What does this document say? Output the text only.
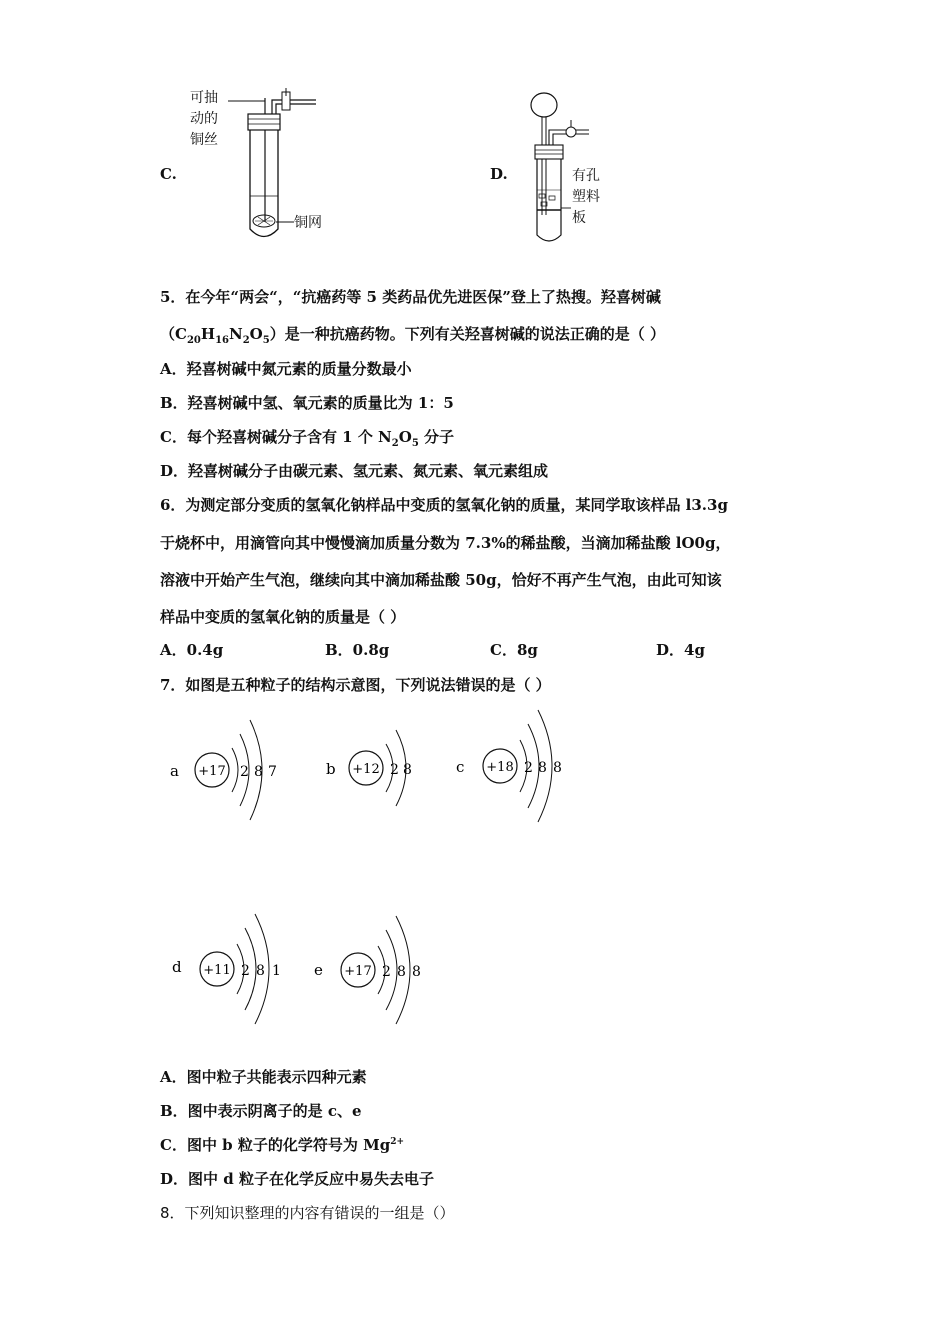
C.
可抽
动的
铜丝
铜网
D.	有孔
塑料
板
5．在今年“两会“，“抗癌药等 5 类药品优先进医保”登上了热搜。羟喜树碱
$(C_{20}H_{16}N_2O_5)$是一种抗癌药物。下列有关羟喜树碱的说法正确的是（ ）
A．羟喜树碱中氮元素的质量分数最小
B．羟喜树碱中氢、氧元素的质量比为 1：5
C．每个羟喜树碱分子含有 1 个 $N_2O_5$ 分子
D．羟喜树碱分子由碳元素、氢元素、氮元素、氧元素组成
6．为测定部分变质的氢氧化钠样品中变质的氢氧化钠的质量，某同学取该样品 l3.3g
于烧杯中，用滴管向其中慢慢滴加质量分数为 7.3%的稀盐酸，当滴加稀盐酸 lO0g，
溶液中开始产生气泡，继续向其中滴加稀盐酸 50g，恰好不再产生气泡，由此可知该
样品中变质的氢氧化钠的质量是（ ）
A．0.4g	B．0.8g	C．8g	D．4g
7．如图是五种粒子的结构示意图，下列说法错误的是（ ）
a +17 2 8 7	b +12 2 8	c +18 2 8 8
d +11 2 8 1 e +17 2 8 8
A．图中粒子共能表示四种元素
B．图中表示阴离子的是 c、e
C．图中 b 粒子的化学符号为 $Mg^{2+}$
D．图中 d 粒子在化学反应中易失去电子
8．下列知识整理的内容有错误的一组是（）
